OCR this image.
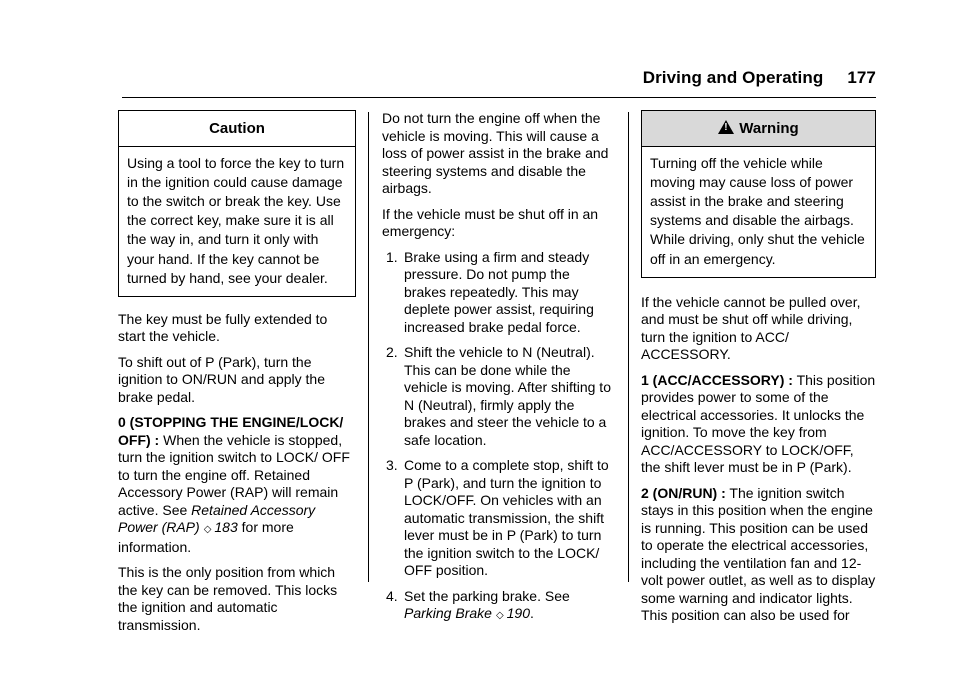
Driving and Operating 177
Caution
Using a tool to force the key to turn in the ignition could cause damage to the switch or break the key. Use the correct key, make sure it is all the way in, and turn it only with your hand. If the key cannot be turned by hand, see your dealer.

The key must be fully extended to start the vehicle.

To shift out of P (Park), turn the ignition to ON/RUN and apply the brake pedal.

0 (STOPPING THE ENGINE/LOCK/ OFF) : When the vehicle is stopped, turn the ignition switch to LOCK/ OFF to turn the engine off. Retained Accessory Power (RAP) will remain active. See Retained Accessory Power (RAP) ◇ 183 for more information.

This is the only position from which the key can be removed. This locks the ignition and automatic transmission.

Do not turn the engine off when the vehicle is moving. This will cause a loss of power assist in the brake and steering systems and disable the airbags.

If the vehicle must be shut off in an emergency:

1. Brake using a firm and steady pressure. Do not pump the brakes repeatedly. This may deplete power assist, requiring increased brake pedal force.
2. Shift the vehicle to N (Neutral). This can be done while the vehicle is moving. After shifting to N (Neutral), firmly apply the brakes and steer the vehicle to a safe location.
3. Come to a complete stop, shift to P (Park), and turn the ignition to LOCK/OFF. On vehicles with an automatic transmission, the shift lever must be in P (Park) to turn the ignition switch to the LOCK/ OFF position.
4. Set the parking brake. See Parking Brake ◇ 190.
!Warning
Turning off the vehicle while moving may cause loss of power assist in the brake and steering systems and disable the airbags. While driving, only shut the vehicle off in an emergency.

If the vehicle cannot be pulled over, and must be shut off while driving, turn the ignition to ACC/ ACCESSORY.

1 (ACC/ACCESSORY) : This position provides power to some of the electrical accessories. It unlocks the ignition. To move the key from ACC/ACCESSORY to LOCK/OFF, the shift lever must be in P (Park).

2 (ON/RUN) : The ignition switch stays in this position when the engine is running. This position can be used to operate the electrical accessories, including the ventilation fan and 12-volt power outlet, as well as to display some warning and indicator lights. This position can also be used for
